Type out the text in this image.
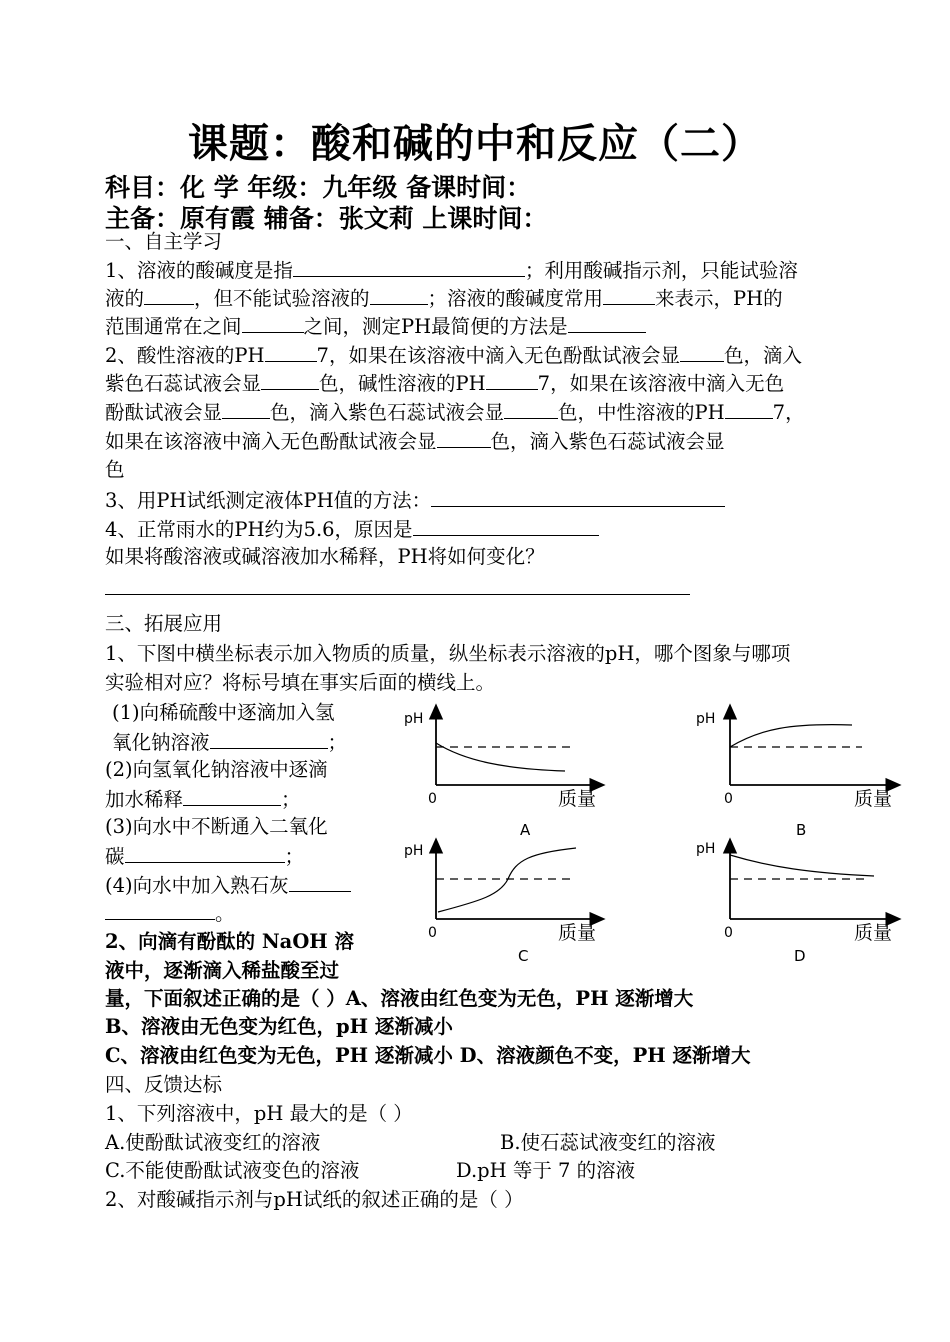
课题：酸和碱的中和反应（二）
科目：化 学 年级：九年级 备课时间：
主备：原有霞 辅备：张文莉 上课时间：
一、自主学习
1、溶液的酸碱度是指	；利用酸碱指示剂，只能试验溶
液的	，但不能试验溶液的	；溶液的酸碱度常用	来表示，PH的
范围通常在之间	之间，测定PH最简便的方法是
2、酸性溶液的PH	7，如果在该溶液中滴入无色酚酞试液会显 色，滴入
紫色石蕊试液会显	色，碱性溶液的PH	7，如果在该溶液中滴入无色
酚酞试液会显 色，滴入紫色石蕊试液会显	色，中性溶液的PH 7，
如果在该溶液中滴入无色酚酞试液会显	色，滴入紫色石蕊试液会显
色
3、用PH试纸测定液体PH值的方法：
4、正常雨水的PH约为5.6，原因是
如果将酸溶液或碱溶液加水稀释，PH将如何变化？
三、拓展应用
1、下图中横坐标表示加入物质的质量，纵坐标表示溶液的pH，哪个图象与哪项
实验相对应？将标号填在事实后面的横线上。
(1)向稀硫酸中逐滴加入氢
氧化钠溶液	；
(2)向氢氧化钠溶液中逐滴
加水稀释	；
(3)向水中不断通入二氧化
碳	；
(4)向水中加入熟石灰
。
2、向滴有酚酞的 NaOH 溶
液中，逐渐滴入稀盐酸至过
量，下面叙述正确的是（ ）A、溶液由红色变为无色，PH 逐渐增大
B、溶液由无色变为红色，pH 逐渐减小
C、溶液由红色变为无色，PH 逐渐减小 D、溶液颜色不变，PH 逐渐增大
四、反馈达标
1、下列溶液中，pH 最大的是（ ）
A.使酚酞试液变红的溶液	B.使石蕊试液变红的溶液
C.不能使酚酞试液变色的溶液	D.pH 等于 7 的溶液
2、对酸碱指示剂与pH试纸的叙述正确的是（ ）
pH
0	质量
A
pH
0	质量
B
pH
0	质量
C
pH
0	质量
D
